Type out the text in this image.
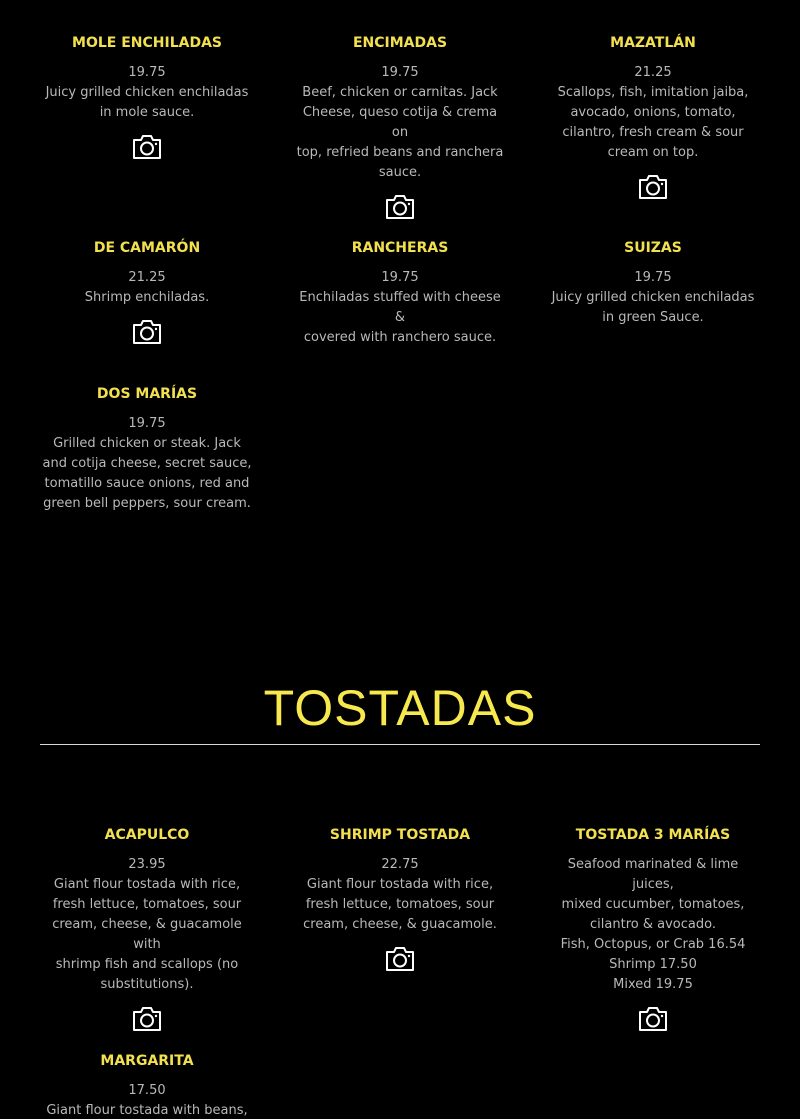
MOLE ENCHILADAS
19.75
Juicy grilled chicken enchiladas
in mole sauce.
ENCIMADAS
19.75
Beef, chicken or carnitas. Jack
Cheese, queso cotija & crema on
top, refried beans and ranchera
sauce.
MAZATLÁN
21.25
Scallops, fish, imitation jaiba,
avocado, onions, tomato,
cilantro, fresh cream & sour
cream on top.
DE CAMARÓN
21.25
Shrimp enchiladas.
RANCHERAS
19.75
Enchiladas stuffed with cheese &
covered with ranchero sauce.
SUIZAS
19.75
Juicy grilled chicken enchiladas
in green Sauce.
DOS MARÍAS
19.75
Grilled chicken or steak. Jack
and cotija cheese, secret sauce,
tomatillo sauce onions, red and
green bell peppers, sour cream.
TOSTADAS
ACAPULCO
23.95
Giant flour tostada with rice,
fresh lettuce, tomatoes, sour
cream, cheese, & guacamole with
shrimp fish and scallops (no
substitutions).
SHRIMP TOSTADA
22.75
Giant flour tostada with rice,
fresh lettuce, tomatoes, sour
cream, cheese, & guacamole.
TOSTADA 3 MARÍAS
Seafood marinated & lime juices,
mixed cucumber, tomatoes,
cilantro & avocado.
Fish, Octopus, or Crab 16.54
Shrimp 17.50
Mixed 19.75
MARGARITA
17.50
Giant flour tostada with beans,
